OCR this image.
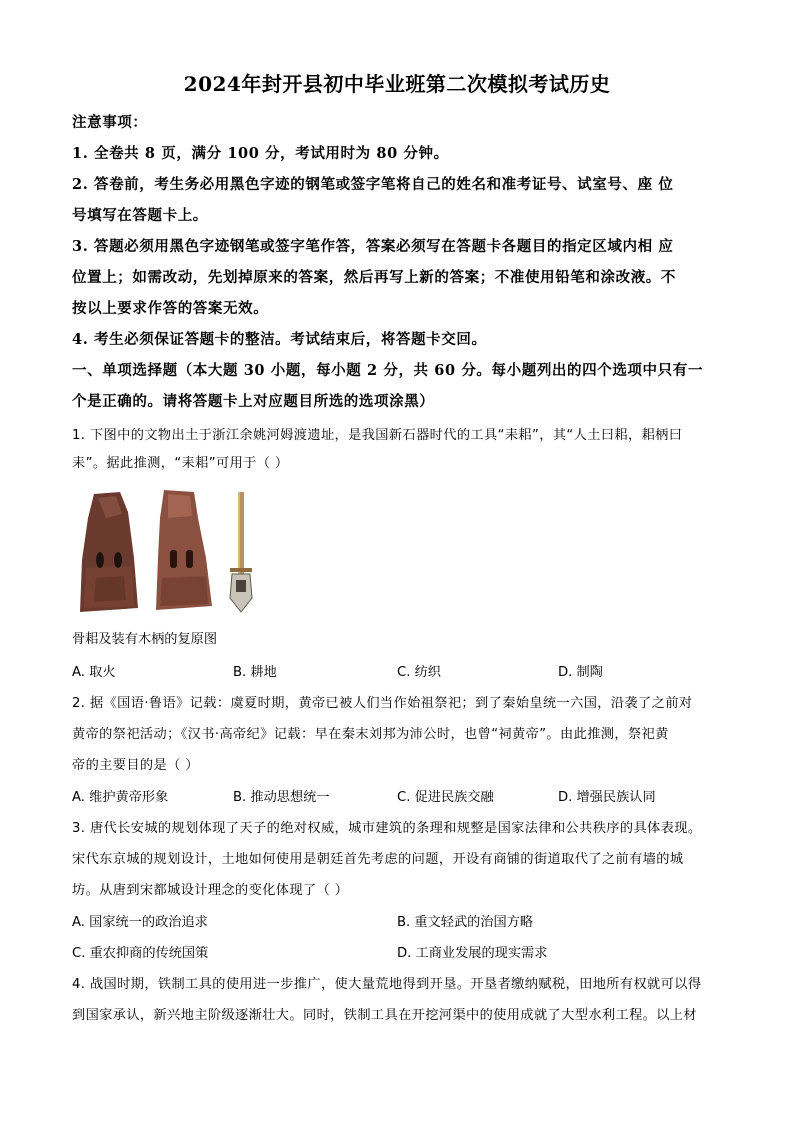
2024年封开县初中毕业班第二次模拟考试历史
注意事项：
1. 全卷共 8 页，满分 100 分，考试用时为 80 分钟。
2. 答卷前，考生务必用黑色字迹的钢笔或签字笔将自己的姓名和准考证号、试室号、座 位
号填写在答题卡上。
3. 答题必须用黑色字迹钢笔或签字笔作答，答案必须写在答题卡各题目的指定区域内相 应
位置上；如需改动，先划掉原来的答案，然后再写上新的答案；不准使用铅笔和涂改液。不
按以上要求作答的答案无效。
4. 考生必须保证答题卡的整洁。考试结束后，将答题卡交回。
一、单项选择题（本大题 30 小题，每小题 2 分，共 60 分。每小题列出的四个选项中只有一
个是正确的。请将答题卡上对应题目所选的选项涂黑）
1. 下图中的文物出土于浙江余姚河姆渡遗址，是我国新石器时代的工具“耒耜”，其“人土曰耜，耜柄曰
耒”。据此推测，“耒耜”可用于（ ）
骨耜及装有木柄的复原图
A. 取火	B. 耕地	C. 纺织	D. 制陶
2. 据《国语·鲁语》记载：虞夏时期，黄帝已被人们当作始祖祭祀；到了秦始皇统一六国，沿袭了之前对
黄帝的祭祀活动；《汉书·高帝纪》记载：早在秦末刘邦为沛公时，也曾“祠黄帝”。由此推测，祭祀黄
帝的主要目的是（ ）
A. 维护黄帝形象	B. 推动思想统一	C. 促进民族交融	D. 增强民族认同
3. 唐代长安城的规划体现了天子的绝对权威，城市建筑的条理和规整是国家法律和公共秩序的具体表现。
宋代东京城的规划设计，土地如何使用是朝廷首先考虑的问题，开设有商铺的街道取代了之前有墙的城
坊。从唐到宋都城设计理念的变化体现了（ ）
A. 国家统一的政治追求	B. 重文轻武的治国方略
C. 重农抑商的传统国策	D. 工商业发展的现实需求
4. 战国时期，铁制工具的使用进一步推广，使大量荒地得到开垦。开垦者缴纳赋税，田地所有权就可以得
到国家承认，新兴地主阶级逐渐壮大。同时，铁制工具在开挖河渠中的使用成就了大型水利工程。以上材
